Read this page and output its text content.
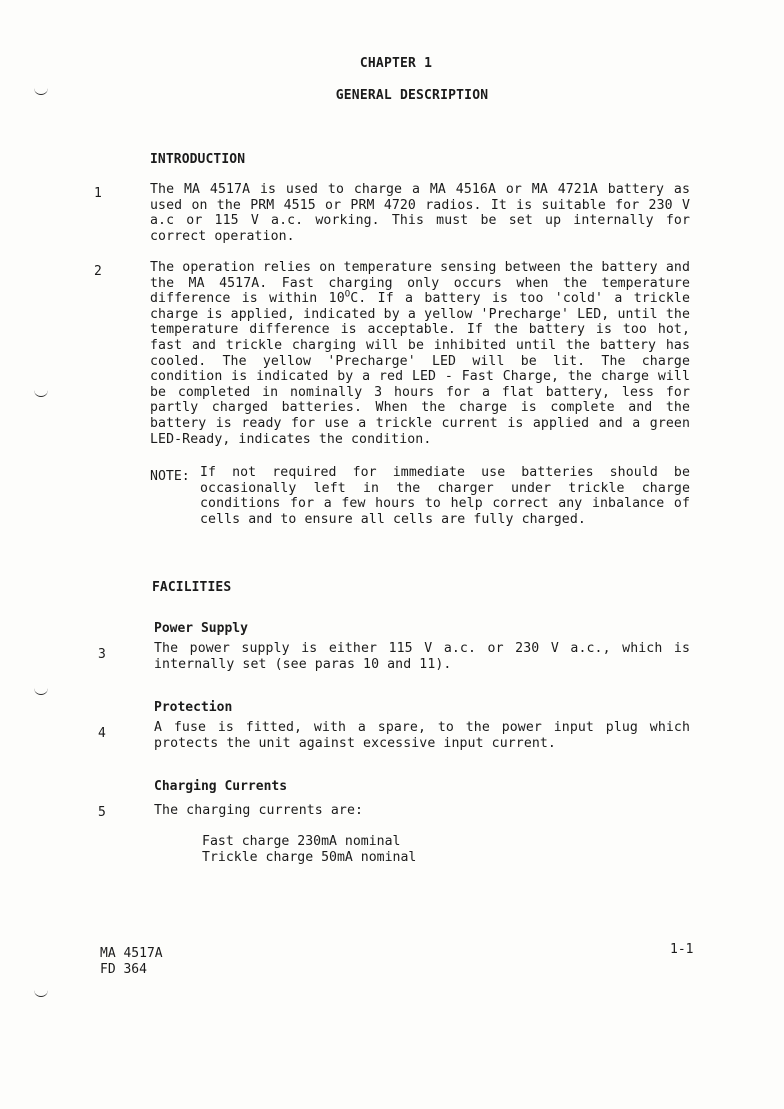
CHAPTER 1
GENERAL DESCRIPTION
INTRODUCTION
1	The MA 4517A is used to charge a MA 4516A or MA 4721A battery as used on the PRM 4515 or PRM 4720 radios. It is suitable for 230 V a.c or 115 V a.c. working. This must be set up internally for correct operation.
2	The operation relies on temperature sensing between the battery and the MA 4517A. Fast charging only occurs when the temperature difference is within $10^OC$. If a battery is too 'cold' a trickle charge is applied, indicated by a yellow 'Precharge' LED, until the temperature difference is acceptable. If the battery is too hot, fast and trickle charging will be inhibited until the battery has cooled. The yellow 'Precharge' LED will be lit. The charge condition is indicated by a red LED - Fast Charge, the charge will be completed in nominally 3 hours for a flat battery, less for partly charged batteries. When the charge is complete and the battery is ready for use a trickle current is applied and a green LED-Ready, indicates the condition.
NOTE: If not required for immediate use batteries should be occasionally left in the charger under trickle charge conditions for a few hours to help correct any inbalance of cells and to ensure all cells are fully charged.
FACILITIES
Power Supply
3	The power supply is either 115 V a.c. or 230 V a.c., which is internally set (see paras 10 and 11).
Protection
4	A fuse is fitted, with a spare, to the power input plug which protects the unit against excessive input current.
Charging Currents
5	The charging currents are:
Fast charge 230mA nominal
Trickle charge 50mA nominal
MA 4517A
FD 364
1-1
